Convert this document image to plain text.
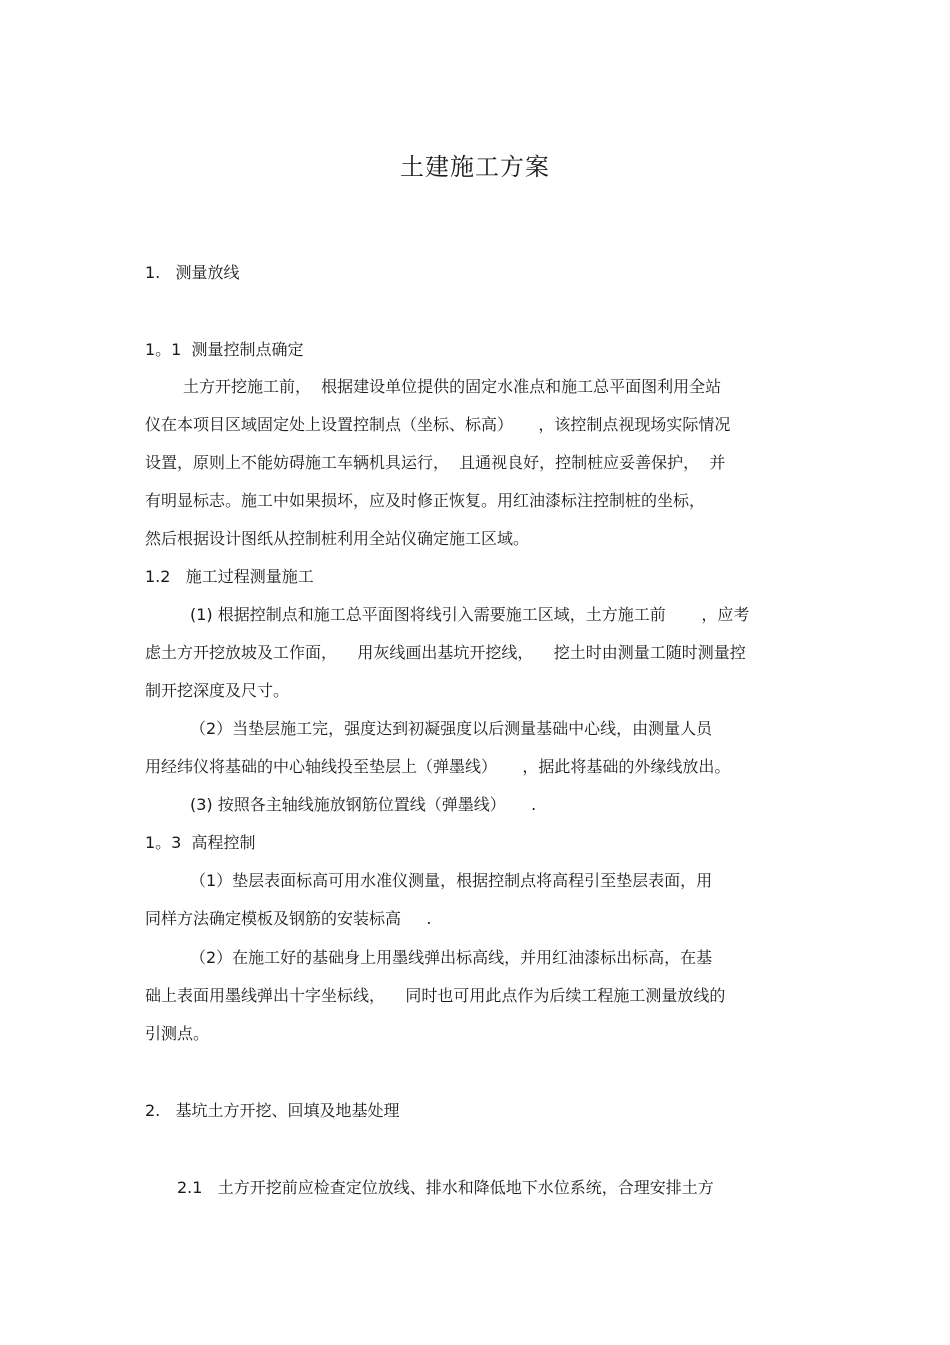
土建施工方案
1.   测量放线
1。1  测量控制点确定
土方开挖施工前，  根据建设单位提供的固定水准点和施工总平面图利用全站
仪在本项目区域固定处上设置控制点（坐标、标高）     ，该控制点视现场实际情况
设置，原则上不能妨碍施工车辆机具运行，  且通视良好，控制桩应妥善保护，  并
有明显标志。施工中如果损坏，应及时修正恢复。用红油漆标注控制桩的坐标，
然后根据设计图纸从控制桩利用全站仪确定施工区域。
1.2   施工过程测量施工
(1) 根据控制点和施工总平面图将线引入需要施工区域，土方施工前       ，应考
虑土方开挖放坡及工作面，    用灰线画出基坑开挖线，    挖土时由测量工随时测量控
制开挖深度及尺寸。
（2）当垫层施工完，强度达到初凝强度以后测量基础中心线，由测量人员
用经纬仪将基础的中心轴线投至垫层上（弹墨线）     ，据此将基础的外缘线放出。
(3) 按照各主轴线施放钢筋位置线（弹墨线）     .
1。3  高程控制
（1）垫层表面标高可用水准仪测量，根据控制点将高程引至垫层表面，用
同样方法确定模板及钢筋的安装标高     .
（2）在施工好的基础身上用墨线弹出标高线，并用红油漆标出标高，在基
础上表面用墨线弹出十字坐标线，    同时也可用此点作为后续工程施工测量放线的
引测点。
2.   基坑土方开挖、回填及地基处理
2.1   土方开挖前应检查定位放线、排水和降低地下水位系统，合理安排土方
